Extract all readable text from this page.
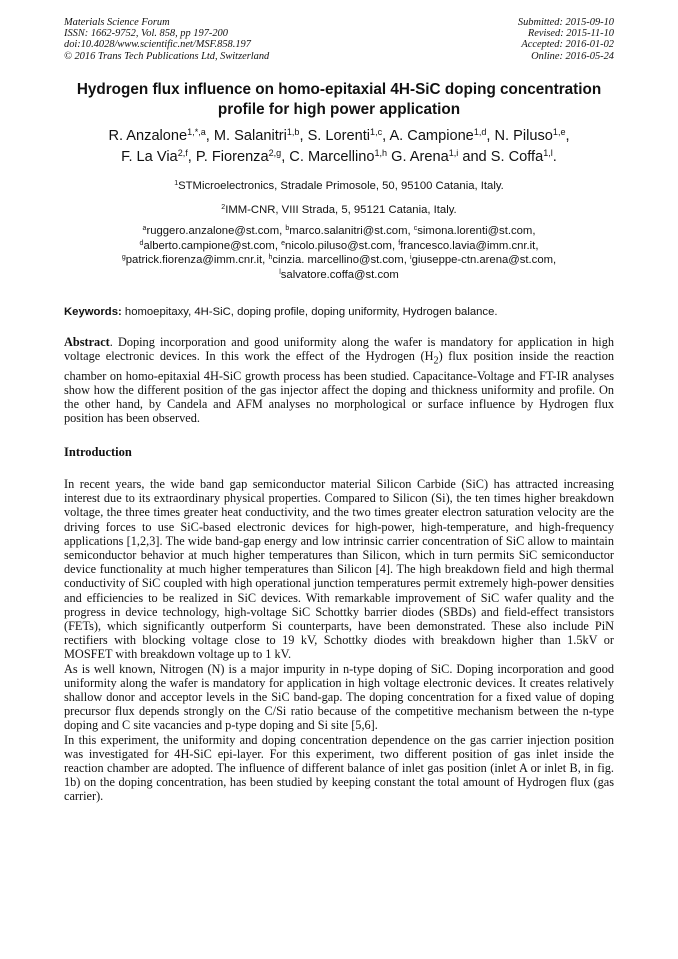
Materials Science Forum
ISSN: 1662-9752, Vol. 858, pp 197-200
doi:10.4028/www.scientific.net/MSF.858.197
© 2016 Trans Tech Publications Ltd, Switzerland
Submitted: 2015-09-10
Revised: 2015-11-10
Accepted: 2016-01-02
Online: 2016-05-24
Hydrogen flux influence on homo-epitaxial 4H-SiC doping concentration
profile for high power application
R. Anzalone$^{1,*,a}$, M. Salanitri$^{1,b}$, S. Lorenti$^{1,c}$, A. Campione$^{1,d}$, N. Piluso$^{1,e}$,
F. La Via$^{2,f}$, P. Fiorenza$^{2,g}$, C. Marcellino$^{1,h}$ G. Arena$^{1,i}$ and S. Coffa$^{1,l}$.
$^1$STMicroelectronics, Stradale Primosole, 50, 95100 Catania, Italy.
$^2$IMM-CNR, VIII Strada, 5, 95121 Catania, Italy.
$^a$ruggero.anzalone@st.com, $^b$marco.salanitri@st.com, $^c$simona.lorenti@st.com,
$^d$alberto.campione@st.com, $^e$nicolo.piluso@st.com, $^f$francesco.lavia@imm.cnr.it,
$^g$patrick.fiorenza@imm.cnr.it, $^h$cinzia. marcellino@st.com, $^i$giuseppe-ctn.arena@st.com,
$^l$salvatore.coffa@st.com
Keywords: homoepitaxy, 4H-SiC, doping profile, doping uniformity, Hydrogen balance.

Abstract. Doping incorporation and good uniformity along the wafer is mandatory for application in high voltage electronic devices. In this work the effect of the Hydrogen $(H_2)$ flux position inside the reaction chamber on homo-epitaxial 4H-SiC growth process has been studied. Capacitance-Voltage and FT-IR analyses show how the different position of the gas injector affect the doping and thickness uniformity and profile. On the other hand, by Candela and AFM analyses no morphological or surface influence by Hydrogen flux position has been observed.

Introduction

In recent years, the wide band gap semiconductor material Silicon Carbide (SiC) has attracted increasing interest due to its extraordinary physical properties. Compared to Silicon (Si), the ten times higher breakdown voltage, the three times greater heat conductivity, and the two times greater electron saturation velocity are the driving forces to use SiC-based electronic devices for high-power, high-temperature, and high-frequency applications [1,2,3]. The wide band-gap energy and low intrinsic carrier concentration of SiC allow to maintain semiconductor behavior at much higher temperatures than Silicon, which in turn permits SiC semiconductor device functionality at much higher temperatures than Silicon [4]. The high breakdown field and high thermal conductivity of SiC coupled with high operational junction temperatures permit extremely high-power densities and efficiencies to be realized in SiC devices. With remarkable improvement of SiC wafer quality and the progress in device technology, high-voltage SiC Schottky barrier diodes (SBDs) and field-effect transistors (FETs), which significantly outperform Si counterparts, have been demonstrated. These also include PiN rectifiers with blocking voltage close to 19 kV, Schottky diodes with breakdown higher than 1.5kV or MOSFET with breakdown voltage up to 1 kV.

As is well known, Nitrogen (N) is a major impurity in n-type doping of SiC. Doping incorporation and good uniformity along the wafer is mandatory for application in high voltage electronic devices. It creates relatively shallow donor and acceptor levels in the SiC band-gap. The doping concentration for a fixed value of doping precursor flux depends strongly on the C/Si ratio because of the competitive mechanism between the n-type doping and C site vacancies and p-type doping and Si site [5,6].

In this experiment, the uniformity and doping concentration dependence on the gas carrier injection position was investigated for 4H-SiC epi-layer. For this experiment, two different position of gas inlet inside the reaction chamber are adopted. The influence of different balance of inlet gas position (inlet A or inlet B, in fig. 1b) on the doping concentration, has been studied by keeping constant the total amount of Hydrogen flux (gas carrier).
